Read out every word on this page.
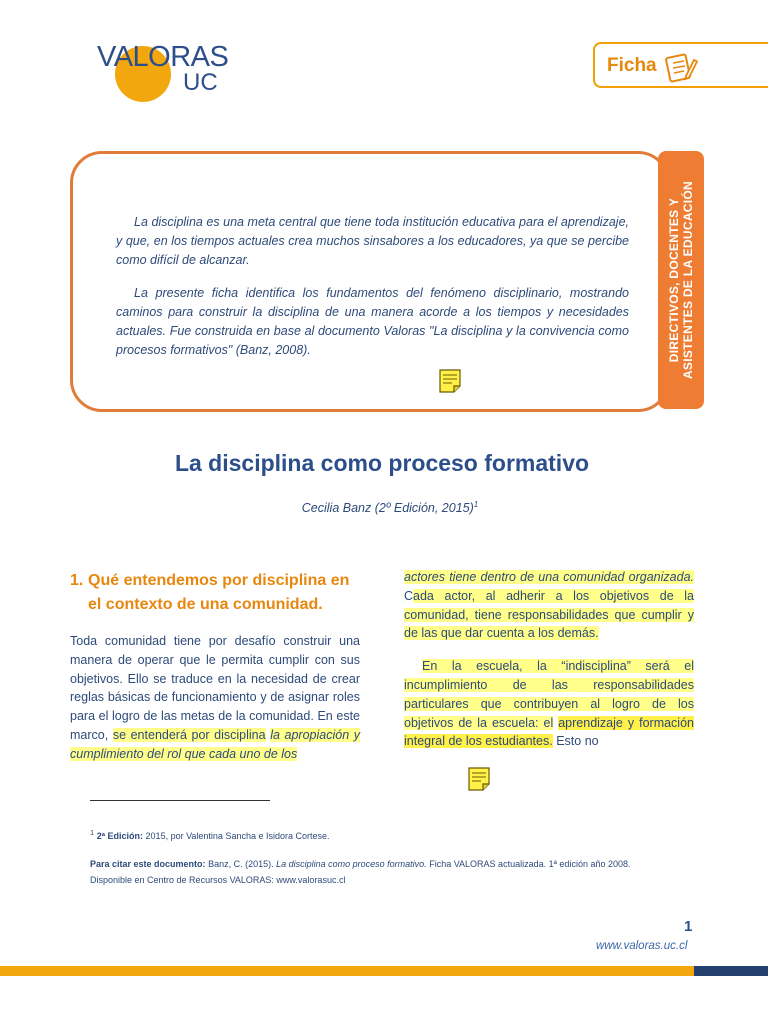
VALORAS
UC
Ficha

La disciplina es una meta central que tiene toda institución educativa para el aprendizaje, y que, en los tiempos actuales crea muchos sinsabores a los educadores, ya que se percibe como difícil de alcanzar.

La presente ficha identifica los fundamentos del fenómeno disciplinario, mostrando caminos para construir la disciplina de una manera acorde a los tiempos y necesidades actuales. Fue construida en base al documento Valoras "La disciplina y la convivencia como procesos formativos" (Banz, 2008).	DIRECTIVOS, DOCENTES Y ASISTENTES DE LA EDUCACIÓN
La disciplina como proceso formativo
Cecilia Banz (2º Edición, 2015)$^1$
1. Qué entendemos por disciplina en
el contexto de una comunidad.

Toda comunidad tiene por desafío construir una manera de operar que le permita cumplir con sus objetivos. Ello se traduce en la necesidad de crear reglas básicas de funcionamiento y de asignar roles para el logro de las metas de la comunidad. En este marco, se entenderá por disciplina la apropiación y cumplimiento del rol que cada uno de los

actores tiene dentro de una comunidad organizada. Cada actor, al adherir a los objetivos de la comunidad, tiene responsabilidades que cumplir y de las que dar cuenta a los demás.

En la escuela, la “indisciplina” será el incumplimiento de las responsabilidades particulares que contribuyen al logro de los objetivos de la escuela: el aprendizaje y formación integral de los estudiantes. Esto no

$^1$ 2ª Edición: 2015, por Valentina Sancha e Isidora Cortese.
Para citar este documento: Banz, C. (2015). La disciplina como proceso formativo. Ficha VALORAS actualizada. 1ª edición año 2008.
Disponible en Centro de Recursos VALORAS: www.valorasuc.cl
1
www.valoras.uc.cl
